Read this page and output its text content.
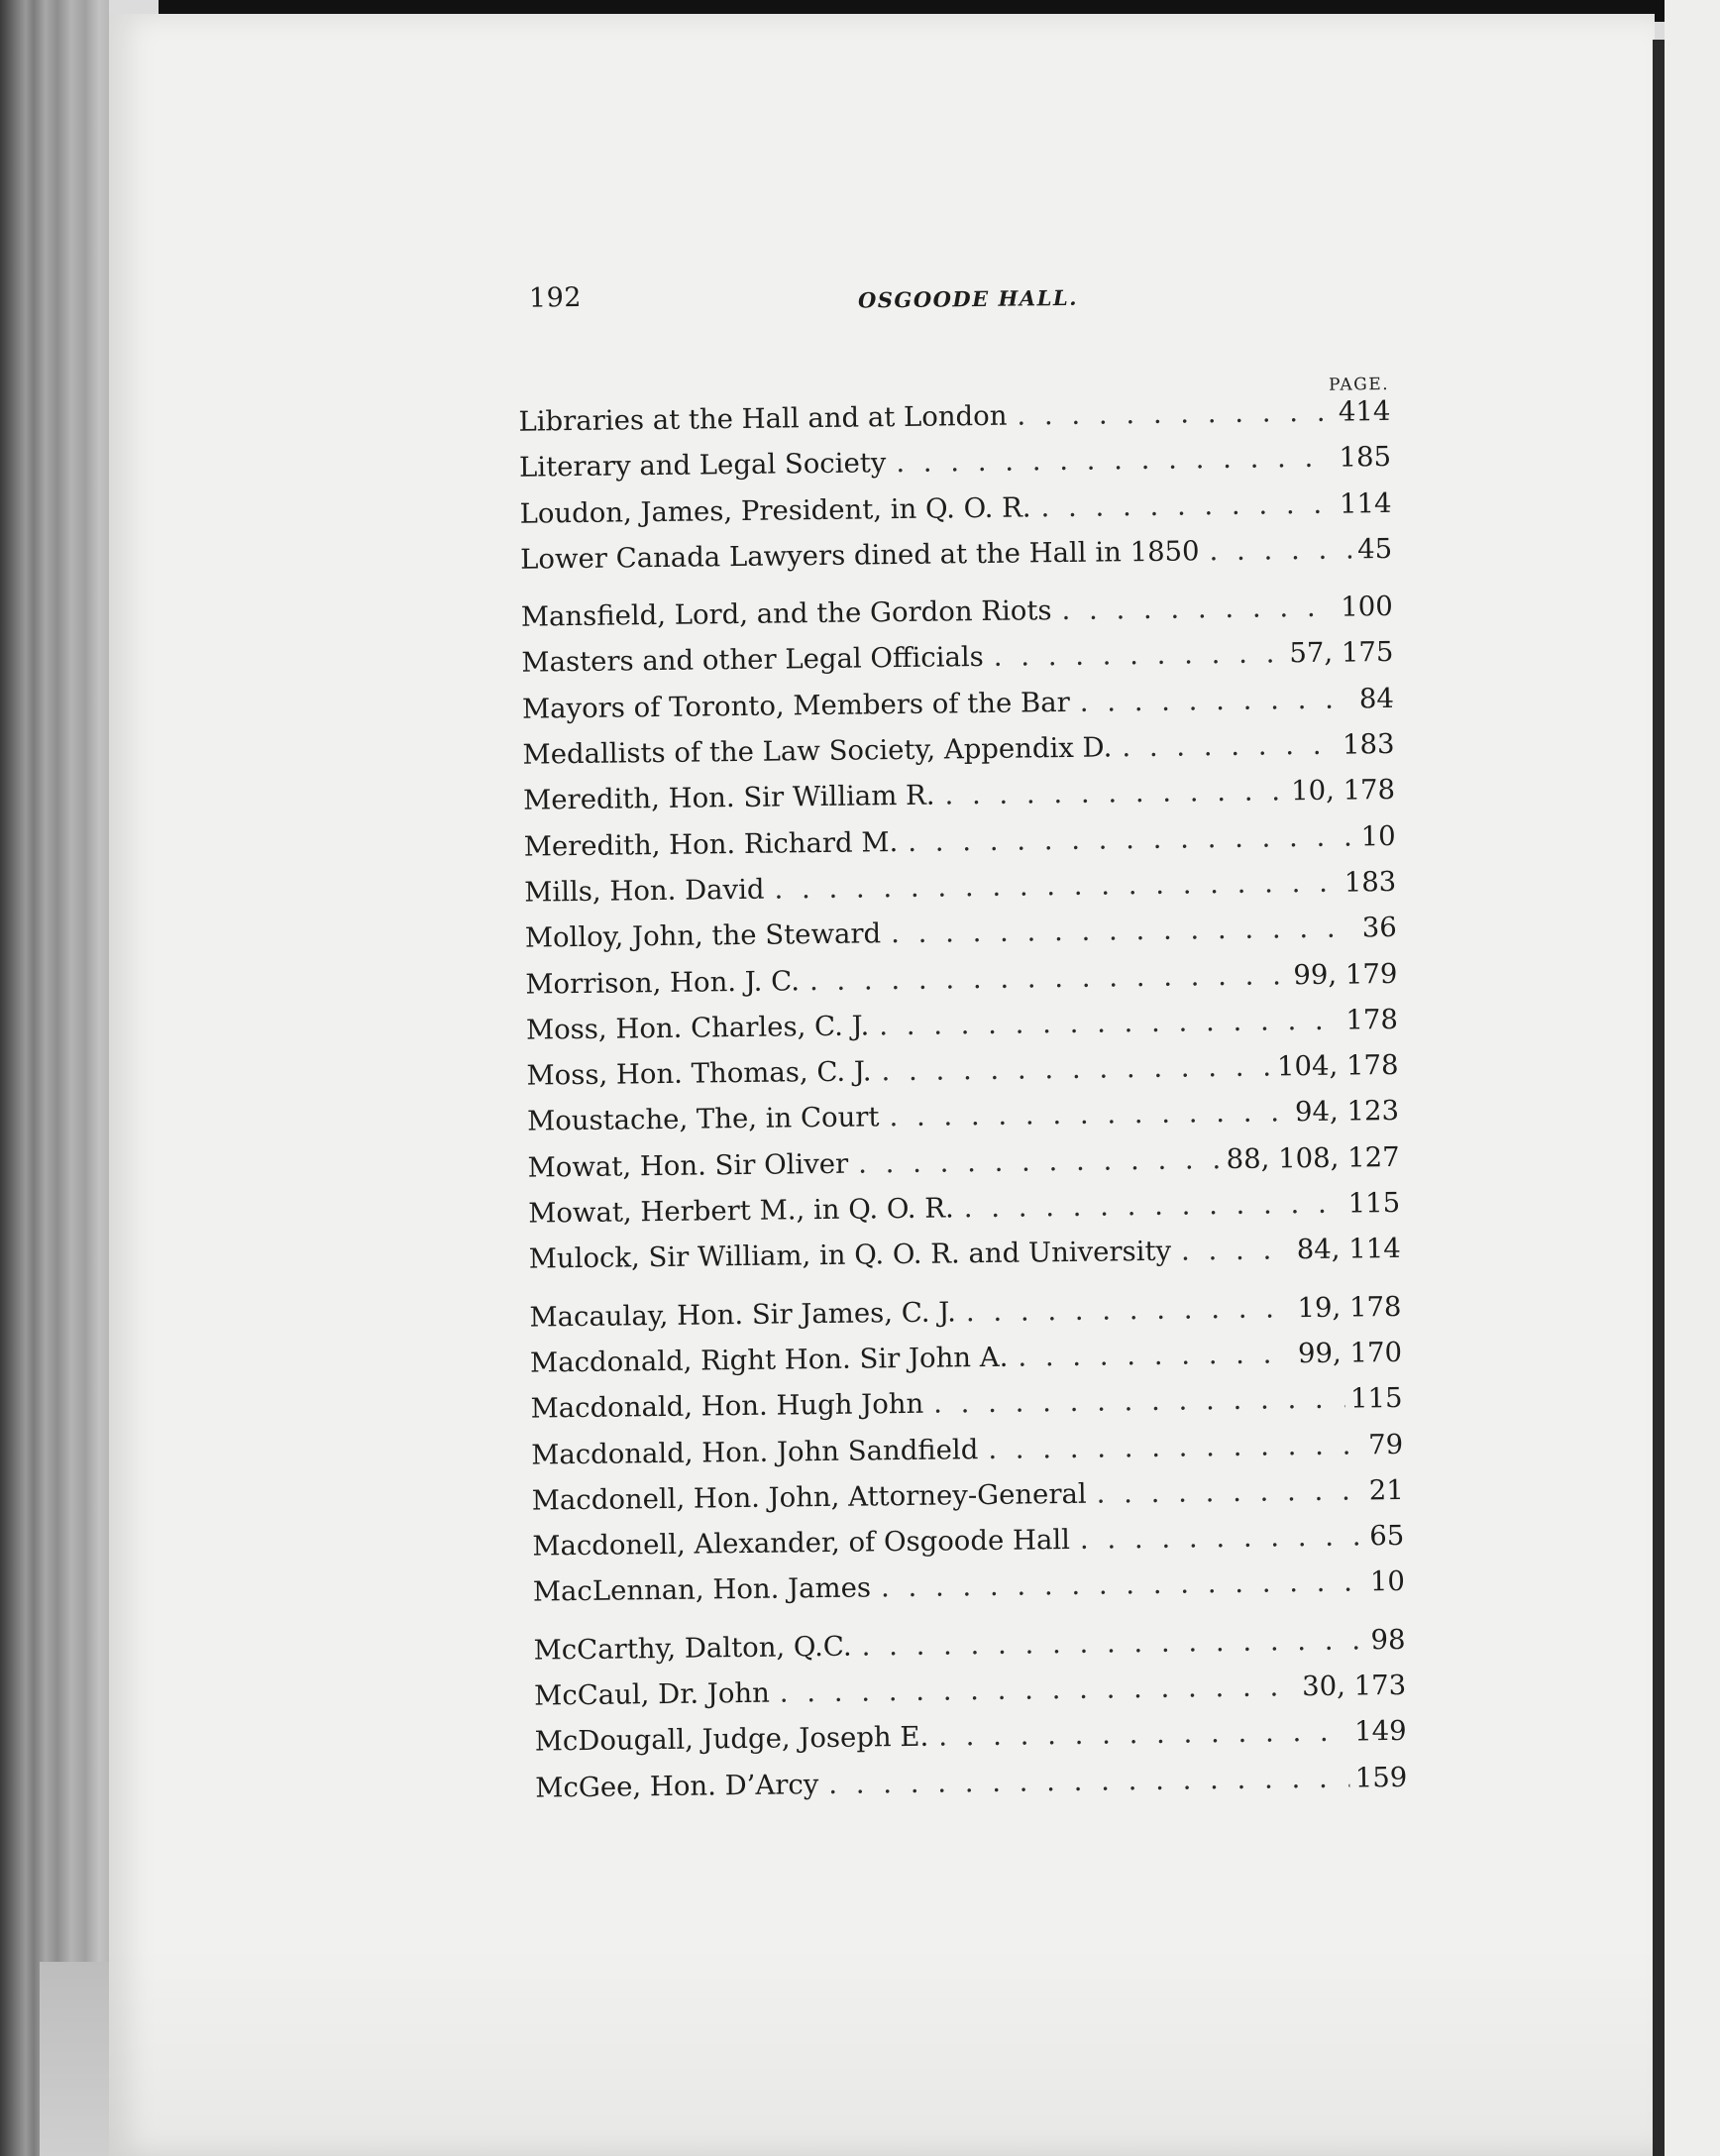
192	OSGOODE HALL.
PAGE.
Libraries at the Hall and at London . . .	414
Literary and Legal Society . . .	185
Loudon, James, President, in Q. O. R. . . .	114
Lower Canada Lawyers dined at the Hall in 1850 . . .	45
Mansfield, Lord, and the Gordon Riots . . .	100
Masters and other Legal Officials . . .	57, 175
Mayors of Toronto, Members of the Bar . . .	84
Medallists of the Law Society, Appendix D. . . .	183
Meredith, Hon. Sir William R. . . .	10, 178
Meredith, Hon. Richard M. . . .	10
Mills, Hon. David . . .	183
Molloy, John, the Steward . . .	36
Morrison, Hon. J. C. . . .	99, 179
Moss, Hon. Charles, C. J. . . .	178
Moss, Hon. Thomas, C. J. . . .	104, 178
Moustache, The, in Court . . .	94, 123
Mowat, Hon. Sir Oliver . . .	88, 108, 127
Mowat, Herbert M., in Q. O. R. . . .	115
Mulock, Sir William, in Q. O. R. and University . . .	84, 114
Macaulay, Hon. Sir James, C. J. . . .	19, 178
Macdonald, Right Hon. Sir John A. . . .	99, 170
Macdonald, Hon. Hugh John . . .	115
Macdonald, Hon. John Sandfield . . .	79
Macdonell, Hon. John, Attorney-General . . .	21
Macdonell, Alexander, of Osgoode Hall . . .	65
MacLennan, Hon. James . . .	10
McCarthy, Dalton, Q.C. . . .	98
McCaul, Dr. John . . .	30, 173
McDougall, Judge, Joseph E. . . .	149
McGee, Hon. D’Arcy . . .	159
